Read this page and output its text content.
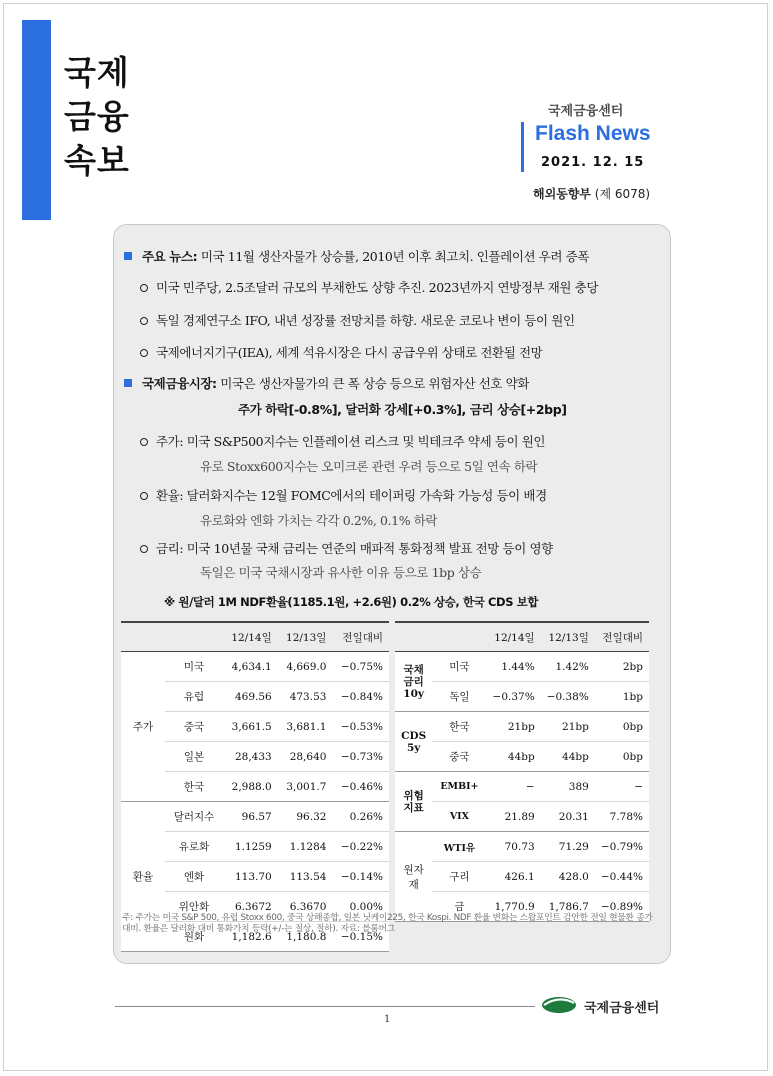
국제
금융
속보
국제금융센터
Flash News
2021. 12. 15
해외동향부 (제 6078)
주요 뉴스: 미국 11월 생산자물가 상승률, 2010년 이후 최고치. 인플레이션 우려 증폭
미국 민주당, 2.5조달러 규모의 부채한도 상향 추진. 2023년까지 연방정부 재원 충당
독일 경제연구소 IFO, 내년 성장률 전망치를 하향. 새로운 코로나 변이 등이 원인
국제에너지기구(IEA), 세계 석유시장은 다시 공급우위 상태로 전환될 전망
국제금융시장: 미국은 생산자물가의 큰 폭 상승 등으로 위험자산 선호 약화
주가 하락[-0.8%], 달러화 강세[+0.3%], 금리 상승[+2bp]
주가: 미국 S&P500지수는 인플레이션 리스크 및 빅테크주 약세 등이 원인
유로 Stoxx600지수는 오미크론 관련 우려 등으로 5일 연속 하락
환율: 달러화지수는 12월 FOMC에서의 테이퍼링 가속화 가능성 등이 배경
유로화와 엔화 가치는 각각 0.2%, 0.1% 하락
금리: 미국 10년물 국채 금리는 연준의 매파적 통화정책 발표 전망 등이 영향
독일은 미국 국채시장과 유사한 이유 등으로 1bp 상승
※ 원/달러 1M NDF환율(1185.1원, +2.6원) 0.2% 상승, 한국 CDS 보합
		12/14일	12/13일	전일대비
주가	미국	4,634.1	4,669.0	−0.75%
	유럽	469.56	473.53	−0.84%
	중국	3,661.5	3,681.1	−0.53%
	일본	28,433	28,640	−0.73%
	한국	2,988.0	3,001.7	−0.46%
환율	달러지수	96.57	96.32	0.26%
	유로화	1.1259	1.1284	−0.22%
	엔화	113.70	113.54	−0.14%
	위안화	6.3672	6.3670	0.00%
	원화	1,182.6	1,180.8	−0.15%
		12/14일	12/13일	전일대비
국채금리10y	미국	1.44%	1.42%	2bp
	독일	−0.37%	−0.38%	1bp
CDS5y	한국	21bp	21bp	0bp
	중국	44bp	44bp	0bp
위험지표	EMBI+	−	389	−
	VIX	21.89	20.31	7.78%
원자재	WTI유	70.73	71.29	−0.79%
	구리	426.1	428.0	−0.44%
	금	1,770.9	1,786.7	−0.89%
주: 주가는 미국 S&P 500, 유럽 Stoxx 600, 중국 상해종합, 일본 닛케이225, 한국 Kospi. NDF 환율 변화는 스왑포인트 감안한 전일 현물환 종가 대비. 환율은 달러화 대비 통화가치 등락(+/-는 절상, 절하). 자료: 블룸버그
국제금융센터
1
